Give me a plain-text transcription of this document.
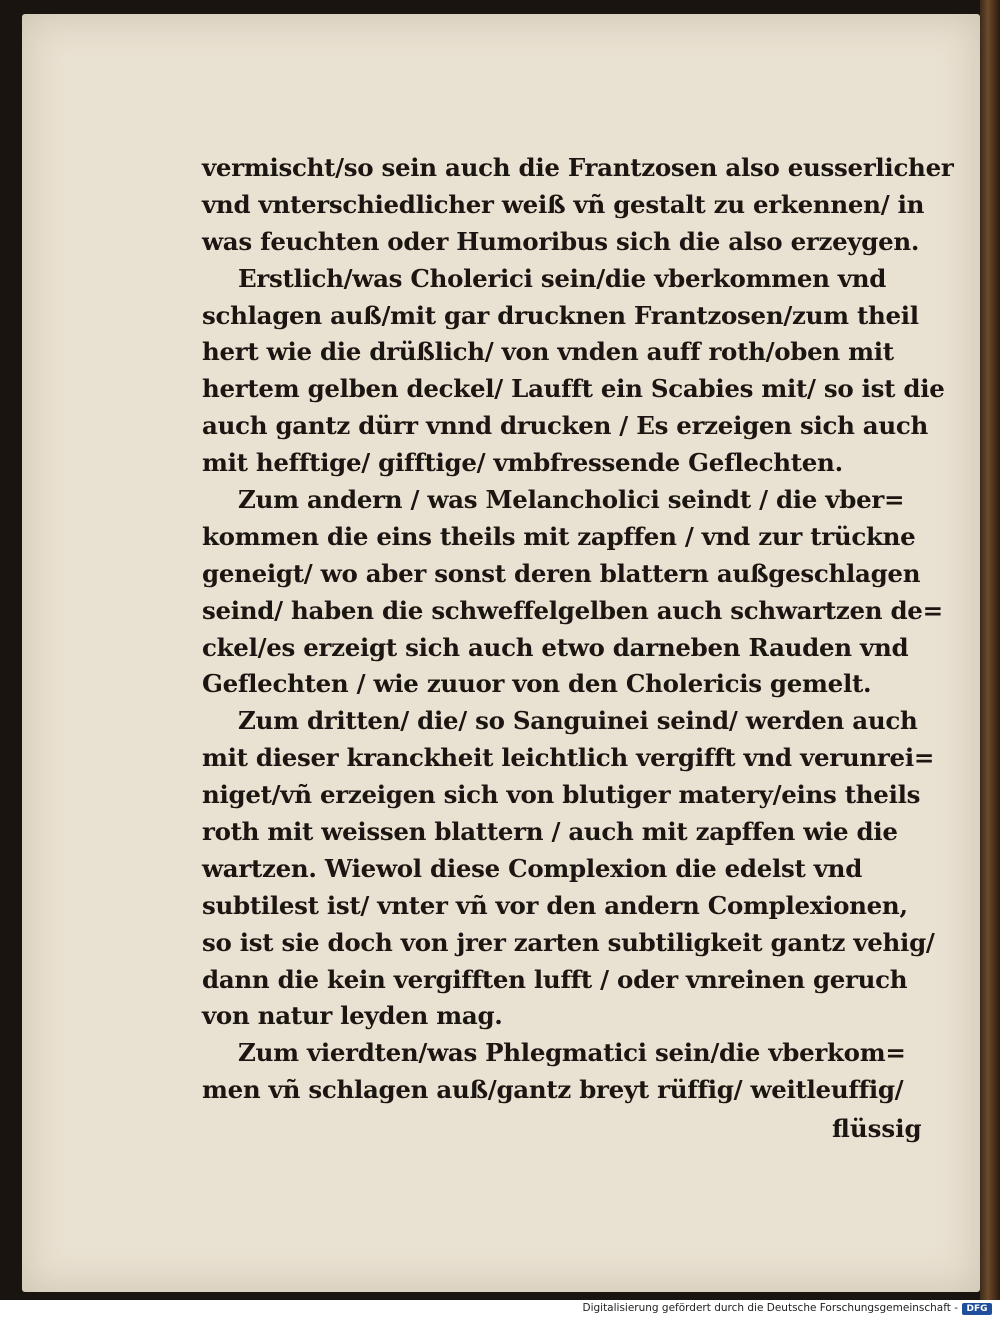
vermischt/so sein auch die Frantzosen also eusserlicher
vnd vnterschiedlicher weiß vñ gestalt zu erkennen/ in
was feuchten oder Humoribus sich die also erzeygen.
Erstlich/was Cholerici sein/die vberkommen vnd
schlagen auß/mit gar drucknen Frantzosen/zum theil
hert wie die drüßlich/ von vnden auff roth/oben mit
hertem gelben deckel/ Laufft ein Scabies mit/ so ist die
auch gantz dürr vnnd drucken / Es erzeigen sich auch
mit hefftige/ gifftige/ vmbfressende Geflechten.
Zum andern / was Melancholici seindt / die vber=
kommen die eins theils mit zapffen / vnd zur trückne
geneigt/ wo aber sonst deren blattern außgeschlagen
seind/ haben die schweffelgelben auch schwartzen de=
ckel/es erzeigt sich auch etwo darneben Rauden vnd
Geflechten / wie zuuor von den Cholericis gemelt.
Zum dritten/ die/ so Sanguinei seind/ werden auch
mit dieser kranckheit leichtlich vergifft vnd verunrei=
niget/vñ erzeigen sich von blutiger matery/eins theils
roth mit weissen blattern / auch mit zapffen wie die
wartzen. Wiewol diese Complexion die edelst vnd
subtilest ist/ vnter vñ vor den andern Complexionen,
so ist sie doch von jrer zarten subtiligkeit gantz vehig/
dann die kein vergifften lufft / oder vnreinen geruch
von natur leyden mag.
Zum vierdten/was Phlegmatici sein/die vberkom=
men vñ schlagen auß/gantz breyt rüffig/ weitleuffig/
flüssig
Digitalisierung gefördert durch die Deutsche Forschungsgemeinschaft - DFG
